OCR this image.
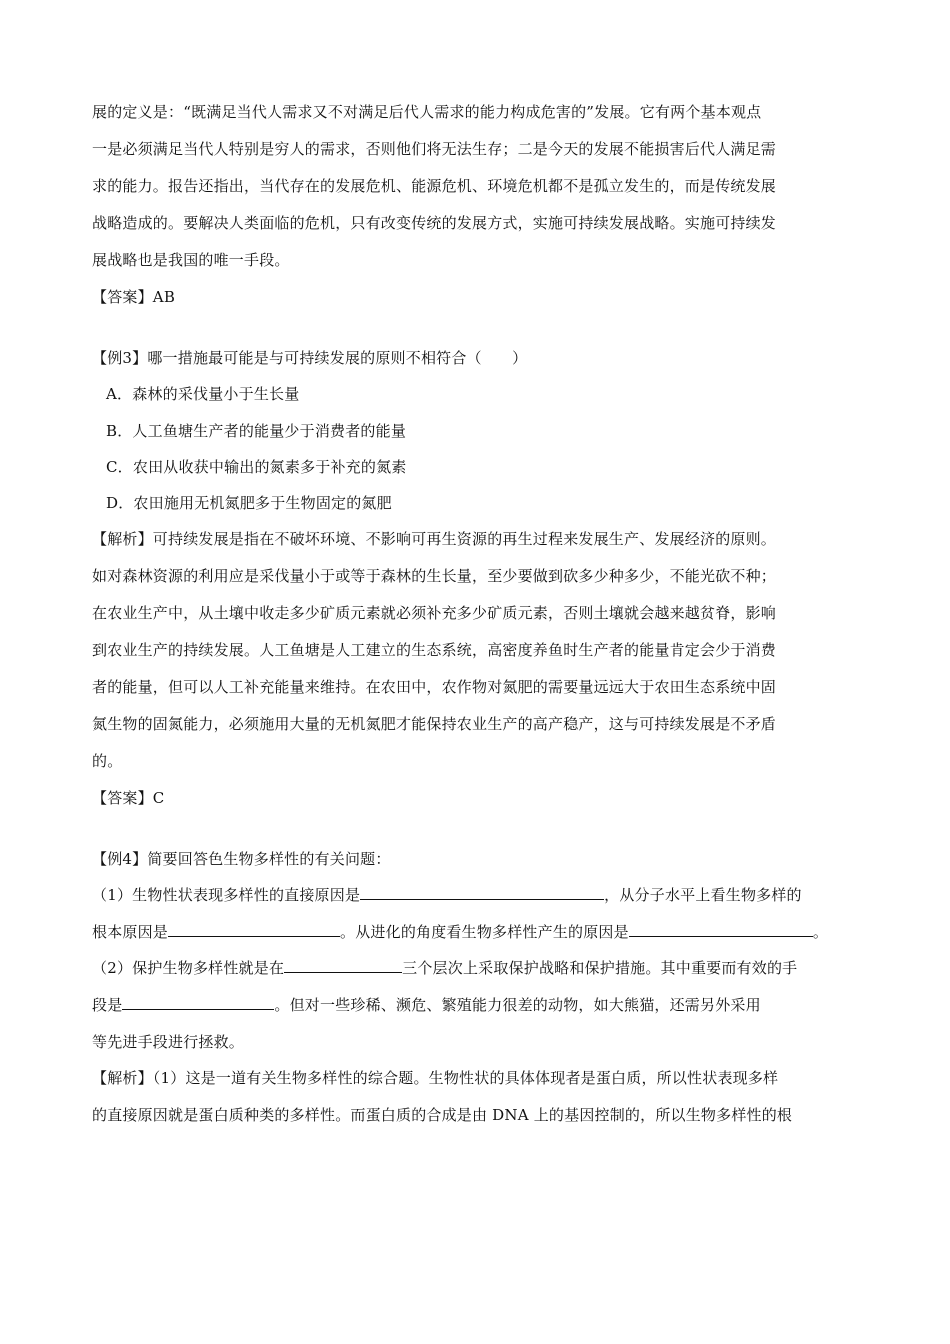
展的定义是：“既满足当代人需求又不对满足后代人需求的能力构成危害的”发展。它有两个基本观点
一是必须满足当代人特别是穷人的需求，否则他们将无法生存；二是今天的发展不能损害后代人满足需
求的能力。报告还指出，当代存在的发展危机、能源危机、环境危机都不是孤立发生的，而是传统发展
战略造成的。要解决人类面临的危机，只有改变传统的发展方式，实施可持续发展战略。实施可持续发
展战略也是我国的唯一手段。
【答案】AB
【例3】哪一措施最可能是与可持续发展的原则不相符合（　　）
A．森林的采伐量小于生长量
B．人工鱼塘生产者的能量少于消费者的能量
C．农田从收获中输出的氮素多于补充的氮素
D．农田施用无机氮肥多于生物固定的氮肥
【解析】可持续发展是指在不破坏环境、不影响可再生资源的再生过程来发展生产、发展经济的原则。
如对森林资源的利用应是采伐量小于或等于森林的生长量，至少要做到砍多少种多少，不能光砍不种；
在农业生产中，从土壤中收走多少矿质元素就必须补充多少矿质元素，否则土壤就会越来越贫脊，影响
到农业生产的持续发展。人工鱼塘是人工建立的生态系统，高密度养鱼时生产者的能量肯定会少于消费
者的能量，但可以人工补充能量来维持。在农田中，农作物对氮肥的需要量远远大于农田生态系统中固
氮生物的固氮能力，必须施用大量的无机氮肥才能保持农业生产的高产稳产，这与可持续发展是不矛盾
的。
【答案】C
【例4】简要回答色生物多样性的有关问题：
（1）生物性状表现多样性的直接原因是	，从分子水平上看生物多样的
根本原因是	。从进化的角度看生物多样性产生的原因是	。
（2）保护生物多样性就是在	三个层次上采取保护战略和保护措施。其中重要而有效的手
段是	。但对一些珍稀、濒危、繁殖能力很差的动物，如大熊猫，还需另外采用
等先进手段进行拯救。
【解析】（1）这是一道有关生物多样性的综合题。生物性状的具体体现者是蛋白质，所以性状表现多样
的直接原因就是蛋白质种类的多样性。而蛋白质的合成是由 DNA 上的基因控制的，所以生物多样性的根
